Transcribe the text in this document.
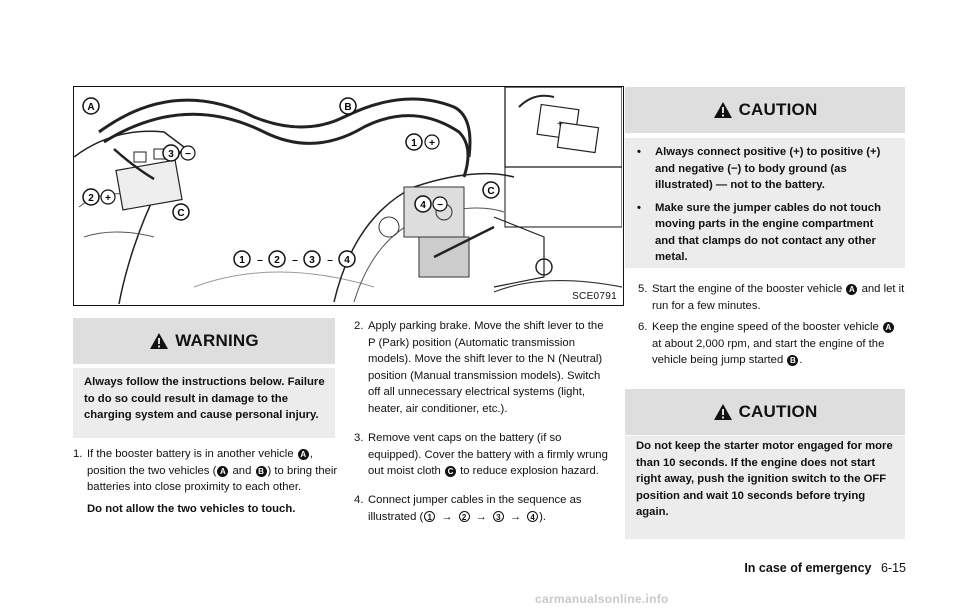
+
A	B
C
C
1 +
2 +
3 −
4 −
1 – 2 – 3 – 4
SCE0791
WARNING
Always follow the instructions below. Failure to do so could result in damage to the charging system and cause personal injury.
1. If the booster battery is in another vehicle A , position the two vehicles ( A and B ) to bring their batteries into close proximity to each other.
Do not allow the two vehicles to touch.
2. Apply parking brake. Move the shift lever to the P (Park) position (Automatic transmission models). Move the shift lever to the N (Neutral) position (Manual transmission models). Switch off all unnecessary electrical systems (light, heater, air conditioner, etc.).
3. Remove vent caps on the battery (if so equipped). Cover the battery with a firmly wrung out moist cloth C to reduce explosion hazard.
4. Connect jumper cables in the sequence as illustrated ( 1 → 2 → 3 → 4 ).
CAUTION
• Always connect positive (+) to positive (+) and negative (−) to body ground (as illustrated) — not to the battery.
• Make sure the jumper cables do not touch moving parts in the engine compartment and that clamps do not contact any other metal.
5. Start the engine of the booster vehicle A and let it run for a few minutes.
6. Keep the engine speed of the booster vehicle A at about 2,000 rpm, and start the engine of the vehicle being jump started B .
CAUTION
Do not keep the starter motor engaged for more than 10 seconds. If the engine does not start right away, push the ignition switch to the OFF position and wait 10 seconds before trying again.
In case of emergency 6-15
carmanualsonline.info
